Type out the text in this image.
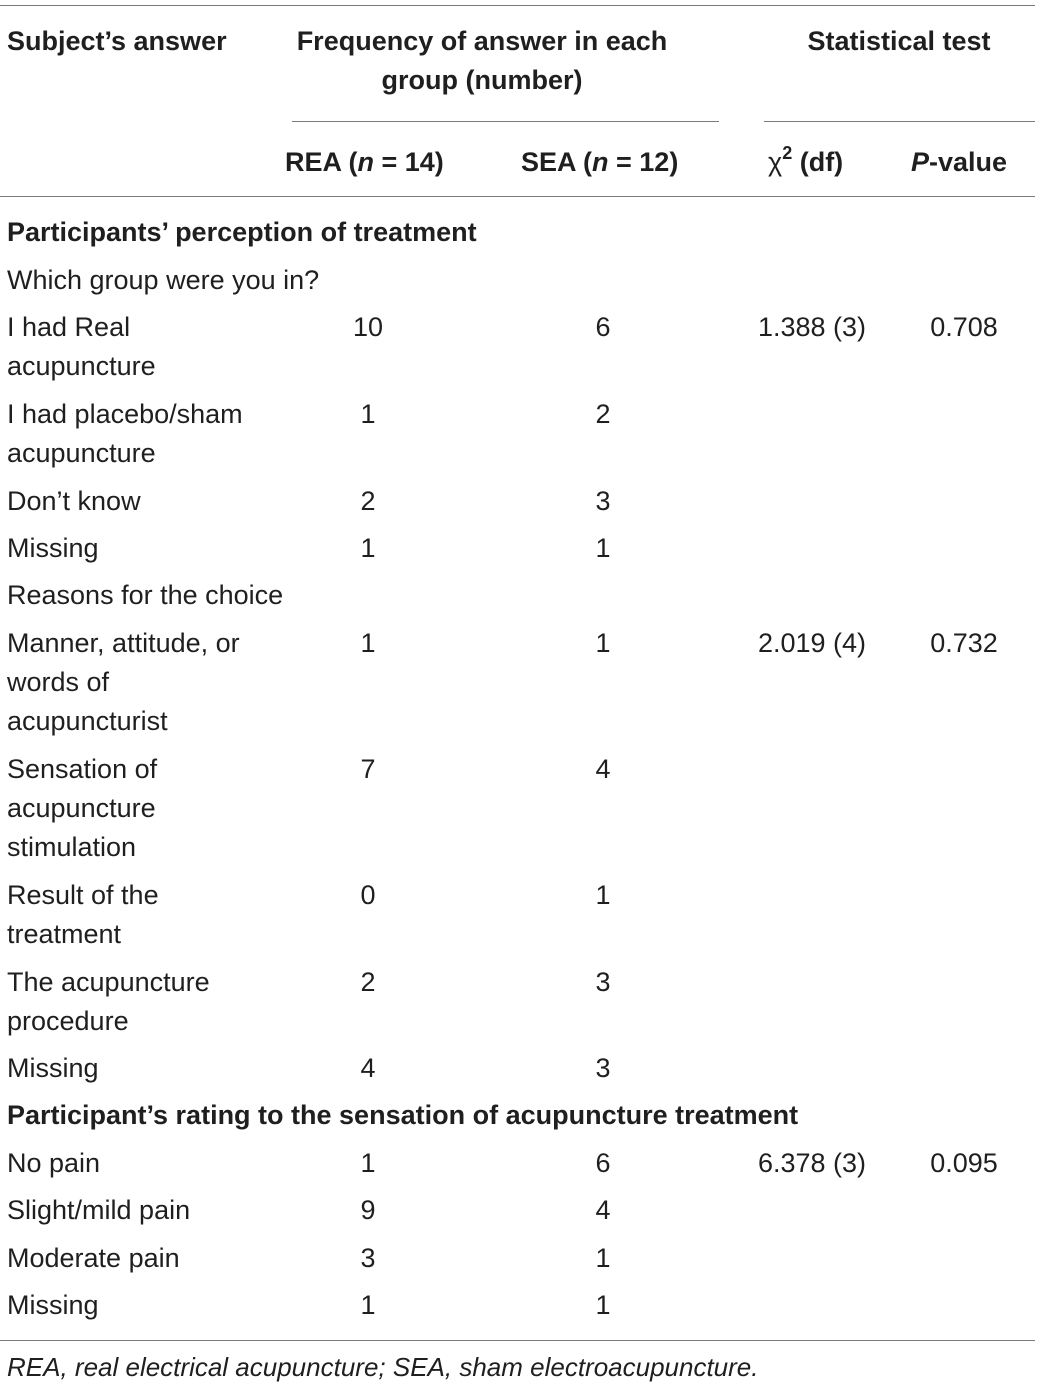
Subject’s answer	Frequency of answer in each
group (number)
Statistical test
REA (n = 14)	SEA (n = 12)	$\chi^2$ (df)	P-value
Participants’ perception of treatment
Which group were you in?
I had Real
acupuncture
10	6	1.388 (3)	0.708
I had placebo/sham
acupuncture
1	2
Don’t know	2	3
Missing	1	1
Reasons for the choice
Manner, attitude, or
words of
acupuncturist
1	1	2.019 (4)	0.732
Sensation of
acupuncture
stimulation
7	4
Result of the
treatment
0	1
The acupuncture
procedure
2	3
Missing	4	3
Participant’s rating to the sensation of acupuncture treatment
No pain	1	6	6.378 (3)	0.095
Slight/mild pain	9	4
Moderate pain	3	1
Missing	1	1
REA, real electrical acupuncture; SEA, sham electroacupuncture.
